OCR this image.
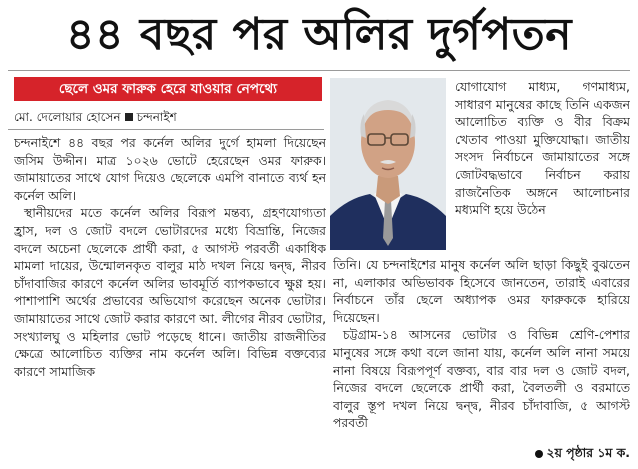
৪৪ বছর পর অলির দুর্গপতন
ছেলে ওমর ফারুক হেরে যাওয়ার নেপথ্যে
মো. দেলোয়ার হোসেন চন্দনাইশ

চন্দনাইশে ৪৪ বছর পর কর্নেল অলির দুর্গে হামলা দিয়েছেন জসিম উদ্দীন। মাত্র ১০২৬ ভোটে হেরেছেন ওমর ফারুক। জামায়াতের সাথে যোগ দিয়েও ছেলেকে এমপি বানাতে ব্যর্থ হন কর্নেল অলি।

স্থানীয়দের মতে কর্নেল অলির বিরূপ মন্তব্য, গ্রহণযোগ্যতা হ্রাস, দল ও জোট বদলে ভোটারদের মধ্যে বিভ্রান্তি, নিজের বদলে অচেনা ছেলেকে প্রার্থী করা, ৫ আগস্ট পরবর্তী একাধিক মামলা দায়ের, উন্মোলনকৃত বালুর মাঠ দখল নিয়ে দ্বন্দ্ব, নীরব চাঁদাবাজির কারণে কর্নেল অলির ভাবমূর্তি ব্যাপকভাবে ক্ষুণ্ণ হয়। পাশাপাশি অর্থের প্রভাবের অভিযোগ করেছেন অনেক ভোটার। জামায়াতের সাথে জোট করার কারণে আ. লীগের নীরব ভোটার, সংখ্যালঘু ও মহিলার ভোট পড়েছে ধানে। জাতীয় রাজনীতির ক্ষেত্রে আলোচিত ব্যক্তির নাম কর্নেল অলি। বিভিন্ন বক্তব্যের কারণে সামাজিক

যোগাযোগ মাধ্যম, গণমাধ্যম, সাধারণ মানুষের কাছে তিনি একজন আলোচিত ব্যক্তি ও বীর বিক্রম খেতাব পাওয়া মুক্তিযোদ্ধা। জাতীয় সংসদ নির্বাচনে জামায়াতের সঙ্গে জোটবদ্ধভাবে নির্বাচন করায় রাজনৈতিক অঙ্গনে আলোচনার মধ্যমণি হয়ে উঠেন

তিনি। যে চন্দনাইশের মানুষ কর্নেল অলি ছাড়া কিছুই বুঝতেন না, এলাকার অভিভাবক হিসেবে জানতেন, তারাই এবারের নির্বাচনে তাঁর ছেলে অধ্যাপক ওমর ফারুককে হারিয়ে দিয়েছেন।

চট্টগ্রাম-১৪ আসনের ভোটার ও বিভিন্ন শ্রেণি-পেশার মানুষের সঙ্গে কথা বলে জানা যায়, কর্নেল অলি নানা সময়ে নানা বিষয়ে বিরূপপূর্ণ বক্তব্য, বার বার দল ও জোট বদল, নিজের বদলে ছেলেকে প্রার্থী করা, বৈলতলী ও বরমাতে বালুর স্তূপ দখল নিয়ে দ্বন্দ্ব, নীরব চাঁদাবাজি, ৫ আগস্ট পরবর্তী

২য় পৃষ্ঠার ১ম ক.
